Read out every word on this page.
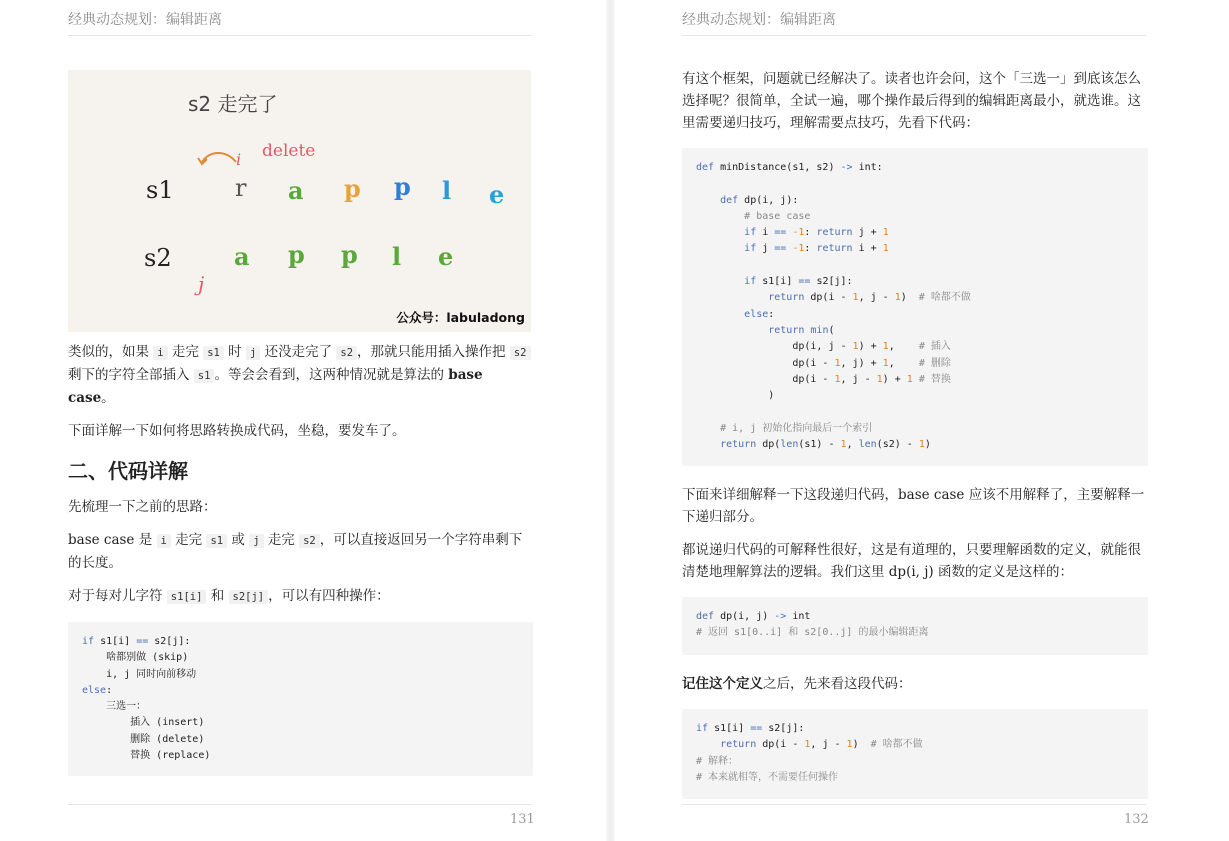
经典动态规划：编辑距离
s2 走完了
i delete
s1	r a p p l e
s2	a p p l e
j
公众号：labuladong

类似的，如果 i 走完 s1 时 j 还没走完了 s2 ，那就只能用插入操作把 s2 剩下的字符全部插入 s1 。等会会看到，这两种情况就是算法的 base case。

下面详解一下如何将思路转换成代码，坐稳，要发车了。

二、代码详解

先梳理一下之前的思路：

base case 是 i 走完 s1 或 j 走完 s2 ，可以直接返回另一个字符串剩下的长度。

对于每对儿字符 s1[i] 和 s2[j] ，可以有四种操作：

if s1[i] == s2[j]:
啥都别做 (skip)
i, j 同时向前移动
else:
三选一：
插入 (insert)
删除 (delete)
替换 (replace)
131
经典动态规划：编辑距离

有这个框架，问题就已经解决了。读者也许会问，这个「三选一」到底该怎么选择呢？很简单，全试一遍，哪个操作最后得到的编辑距离最小，就选谁。这里需要递归技巧，理解需要点技巧，先看下代码：

def minDistance(s1, s2) -> int:

def dp(i, j):
# base case
if i == -1: return j + 1
if j == -1: return i + 1

if s1[i] == s2[j]:
return dp(i - 1, j - 1)  # 啥都不做
else:
return min(
dp(i, j - 1) + 1,    # 插入
dp(i - 1, j) + 1,    # 删除
dp(i - 1, j - 1) + 1 # 替换
)

# i, j 初始化指向最后一个索引
return dp(len(s1) - 1, len(s2) - 1)

下面来详细解释一下这段递归代码，base case 应该不用解释了，主要解释一下递归部分。

都说递归代码的可解释性很好，这是有道理的，只要理解函数的定义，就能很清楚地理解算法的逻辑。我们这里 dp(i, j) 函数的定义是这样的：

def dp(i, j) -> int
# 返回 s1[0..i] 和 s2[0..j] 的最小编辑距离

记住这个定义之后，先来看这段代码：

if s1[i] == s2[j]:
return dp(i - 1, j - 1)  # 啥都不做
# 解释：
# 本来就相等，不需要任何操作
132
